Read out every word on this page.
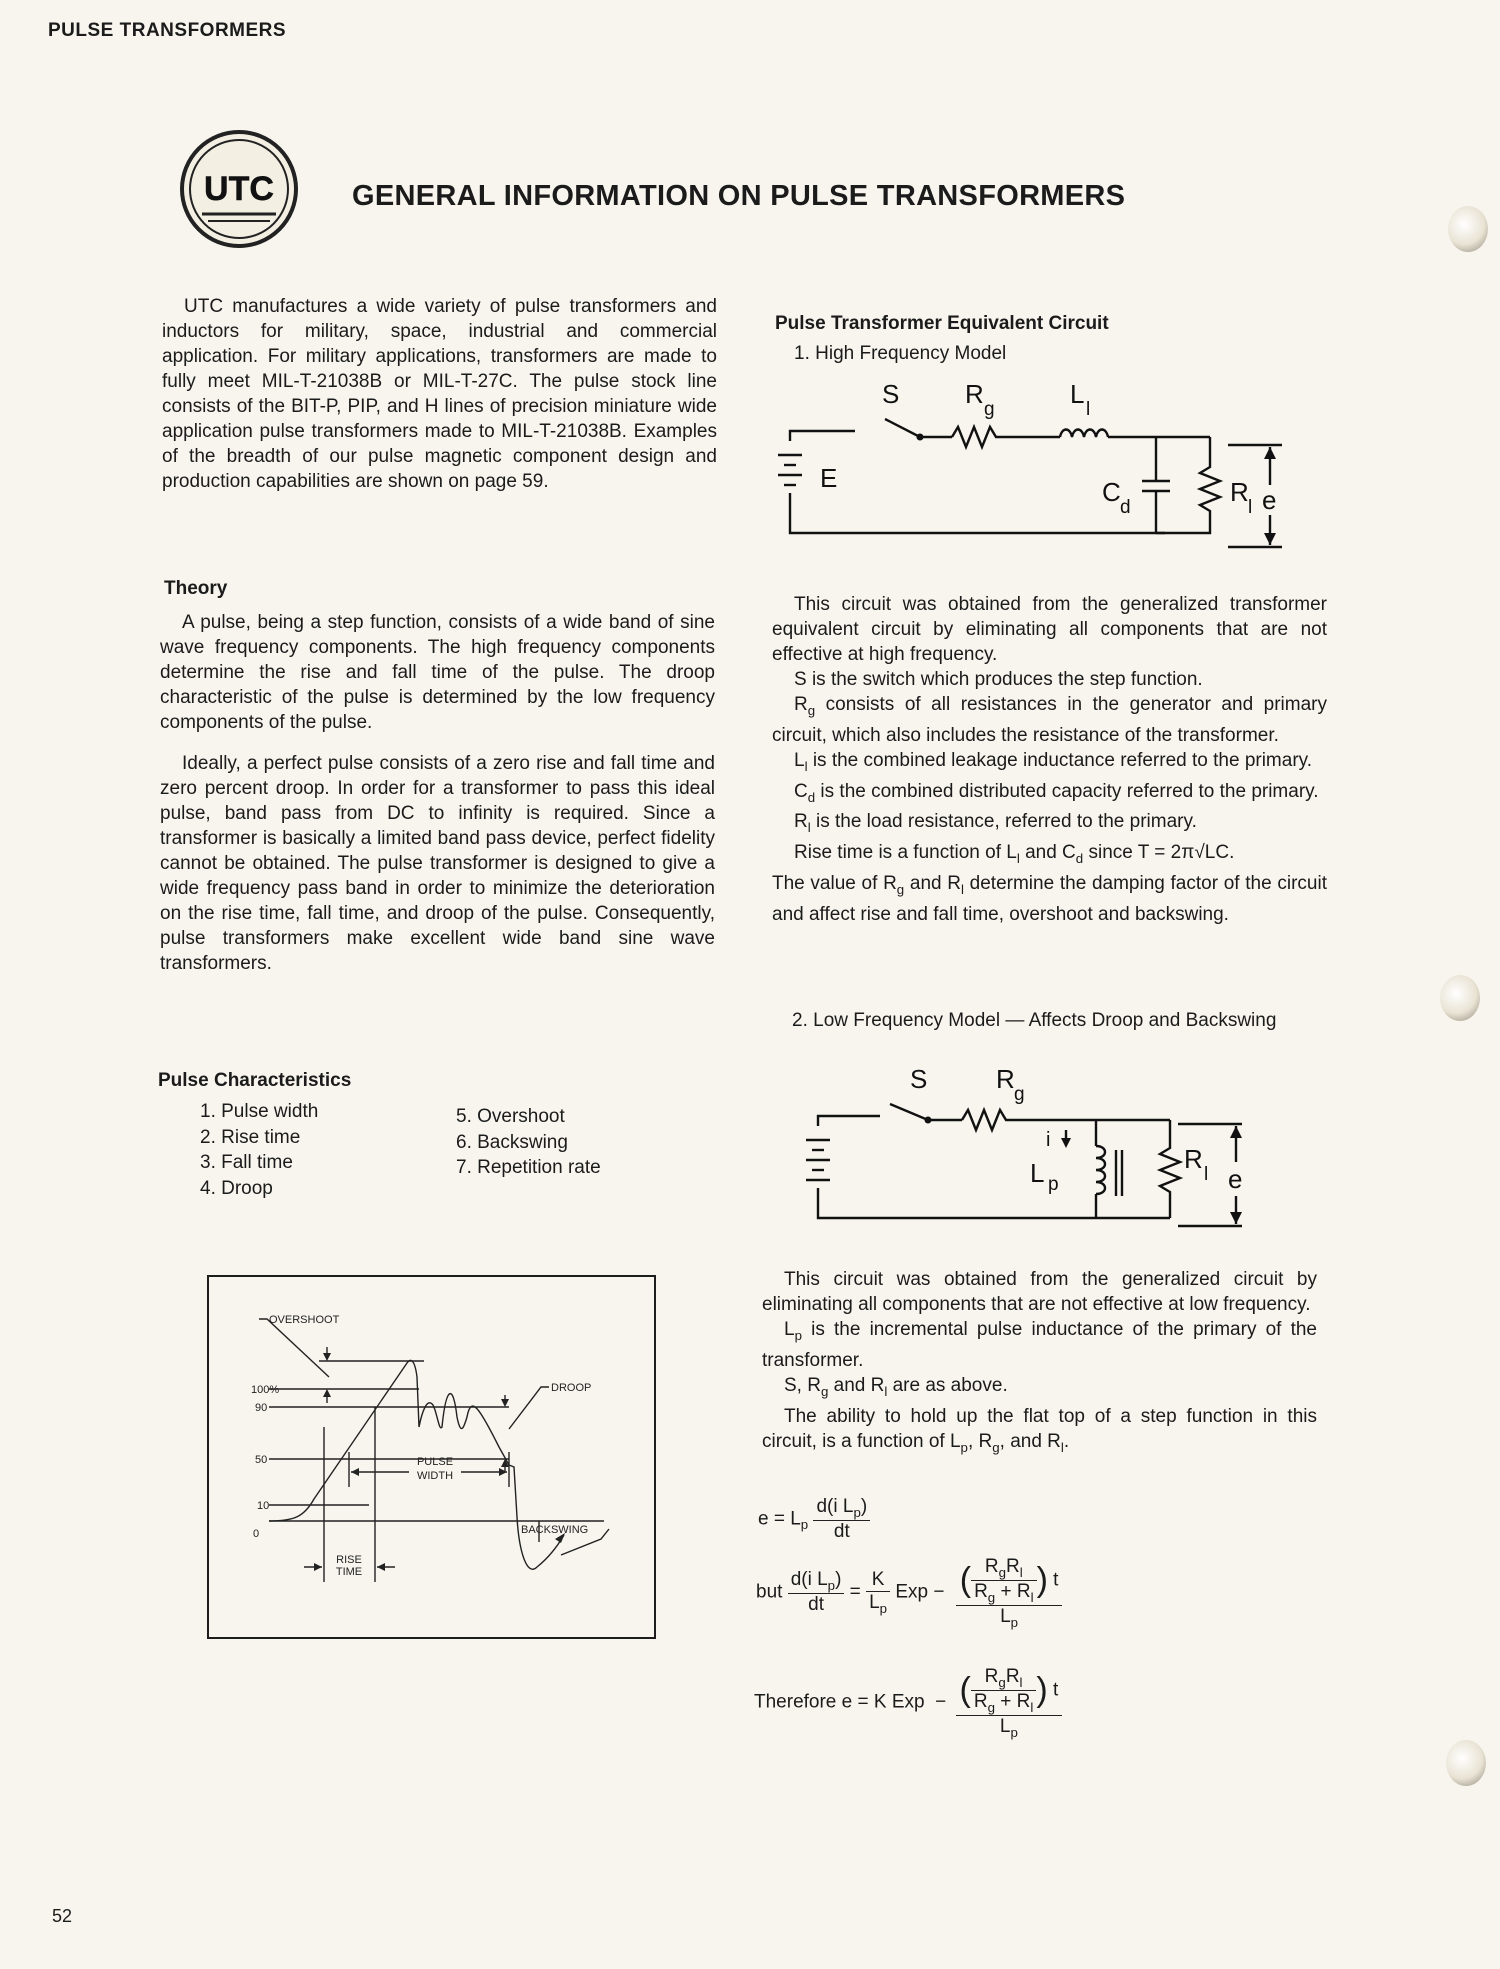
PULSE TRANSFORMERS
UTC	GENERAL INFORMATION ON PULSE TRANSFORMERS

UTC manufactures a wide variety of pulse transformers and inductors for military, space, industrial and commercial application. For military applications, transformers are made to fully meet MIL-T-21038B or MIL-T-27C. The pulse stock line consists of the BIT-P, PIP, and H lines of precision miniature wide application pulse transformers made to MIL-T-21038B. Examples of the breadth of our pulse magnetic component design and production capabilities are shown on page 59.

Theory

A pulse, being a step function, consists of a wide band of sine wave frequency components. The high frequency components determine the rise and fall time of the pulse. The droop characteristic of the pulse is determined by the low frequency components of the pulse.

Ideally, a perfect pulse consists of a zero rise and fall time and zero percent droop. In order for a transformer to pass this ideal pulse, band pass from DC to infinity is required. Since a transformer is basically a limited band pass device, perfect fidelity cannot be obtained. The pulse transformer is designed to give a wide frequency pass band in order to minimize the deterioration on the rise time, fall time, and droop of the pulse. Consequently, pulse transformers make excellent wide band sine wave transformers.

Pulse Characteristics
1. Pulse width
2. Rise time
3. Fall time
4. Droop
5. Overshoot
6. Backswing
7. Repetition rate
OVERSHOOT
DROOP
BACKSWING
PULSE
WIDTH
RISE
TIME
100%
90
50
10
0
Pulse Transformer Equivalent Circuit
1. High Frequency Model
S	R
g
L
l
E	C
d
R
l e

This circuit was obtained from the generalized transformer equivalent circuit by eliminating all components that are not effective at high frequency.

S is the switch which produces the step function.

$R_g$ consists of all resistances in the generator and primary circuit, which also includes the resistance of the transformer.

$L_l$ is the combined leakage inductance referred to the primary.

$C_d$ is the combined distributed capacity referred to the primary.

$R_l$ is the load resistance, referred to the primary.

Rise time is a function of $L_l$ and $C_d$ since T = 2π√LC.

The value of $R_g$ and $R_l$ determine the damping factor of the circuit and affect rise and fall time, overshoot and backswing.

2. Low Frequency Model — Affects Droop and Backswing
S	R
g
i
L p
R
l e

This circuit was obtained from the generalized circuit by eliminating all components that are not effective at low frequency.

$L_p$ is the incremental pulse inductance of the primary of the transformer.

S, $R_g$ and $R_l$ are as above.

The ability to hold up the flat top of a step function in this circuit, is a function of $L_p$, $R_g$, and $R_l$.

$e = L_p \frac{d(i L_p)}{dt}$
but $\frac{d(i L_p)}{dt} = \frac{K}{L_p}$ Exp − $\frac{( \frac{R_gR_l}{R_g + R_l} ) t}{L_p}$
Therefore e = K Exp  − $\frac{( \frac{R_gR_l}{R_g + R_l} ) t}{L_p}$
52
